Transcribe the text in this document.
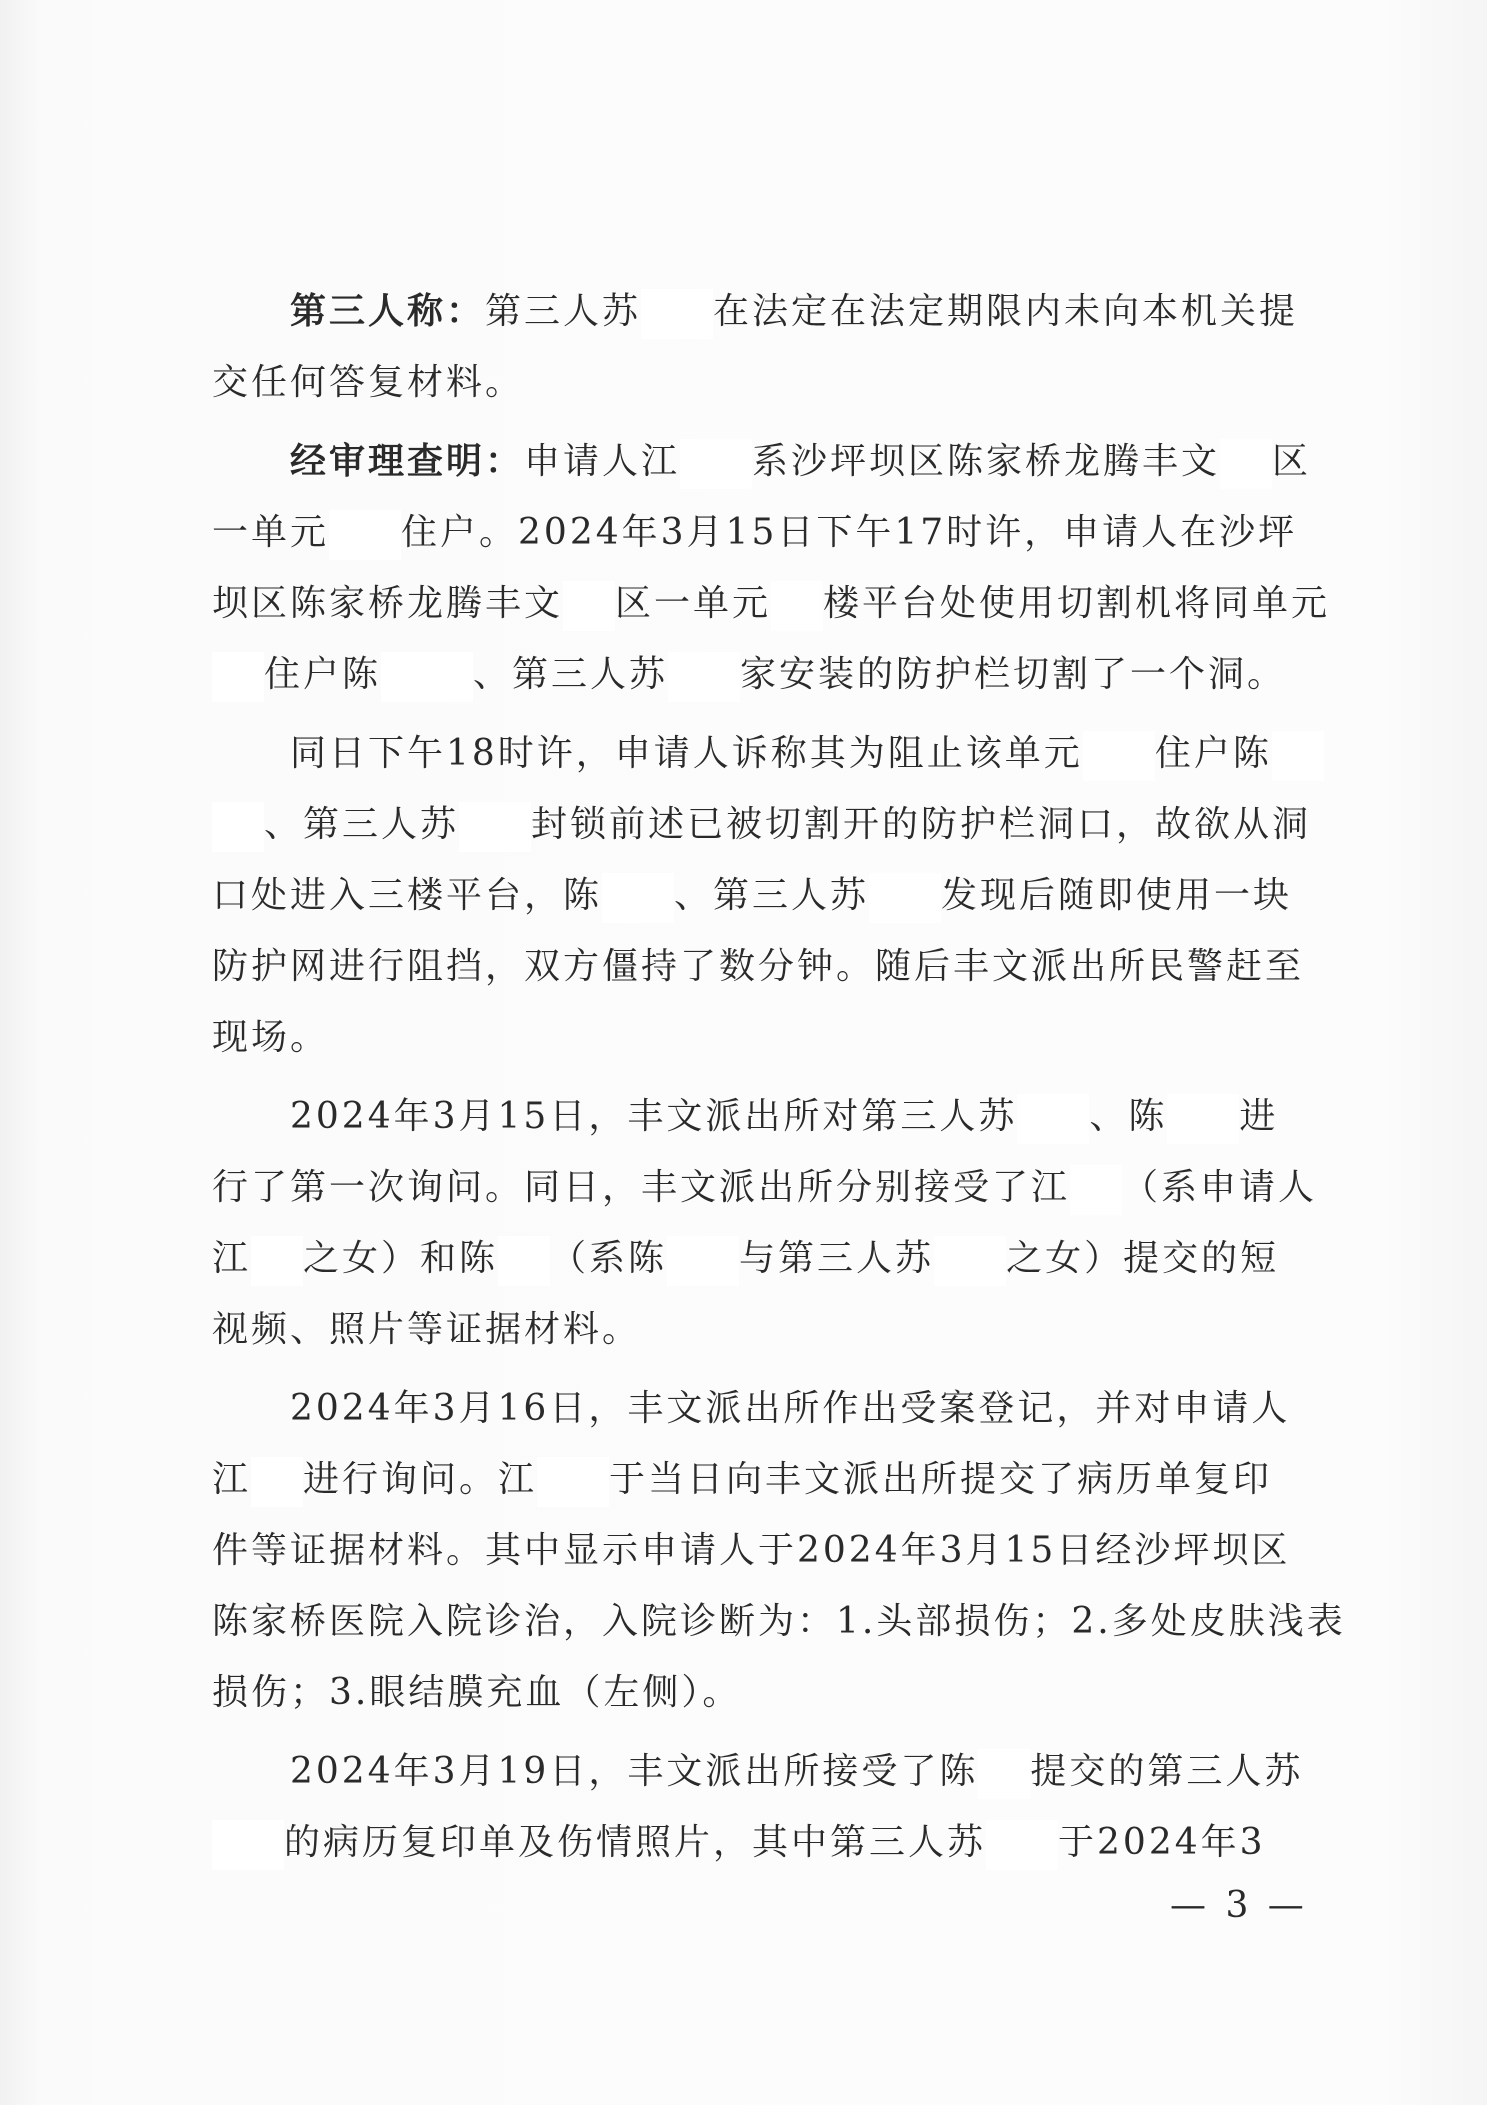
第三人称：第三人苏 在法定在法定期限内未向本机关提
交任何答复材料。
经审理查明：申请人江 系沙坪坝区陈家桥龙腾丰文 区
一单元 住户。2024年3月15日下午17时许，申请人在沙坪
坝区陈家桥龙腾丰文 区一单元 楼平台处使用切割机将同单元
住户陈	、第三人苏 家安装的防护栏切割了一个洞。
同日下午18时许，申请人诉称其为阻止该单元 住户陈
、第三人苏 封锁前述已被切割开的防护栏洞口，故欲从洞
口处进入三楼平台，陈 、第三人苏 发现后随即使用一块
防护网进行阻挡，双方僵持了数分钟。随后丰文派出所民警赶至
现场。
2024年3月15日，丰文派出所对第三人苏 、陈 进
行了第一次询问。同日，丰文派出所分别接受了江 （系申请人
江 之女）和陈 （系陈 与第三人苏 之女）提交的短
视频、照片等证据材料。
2024年3月16日，丰文派出所作出受案登记，并对申请人
江 进行询问。江 于当日向丰文派出所提交了病历单复印
件等证据材料。其中显示申请人于2024年3月15日经沙坪坝区
陈家桥医院入院诊治，入院诊断为：1.头部损伤；2.多处皮肤浅表
损伤；3.眼结膜充血（左侧）。
2024年3月19日，丰文派出所接受了陈 提交的第三人苏
的病历复印单及伤情照片，其中第三人苏 于2024年3
— 3 —
